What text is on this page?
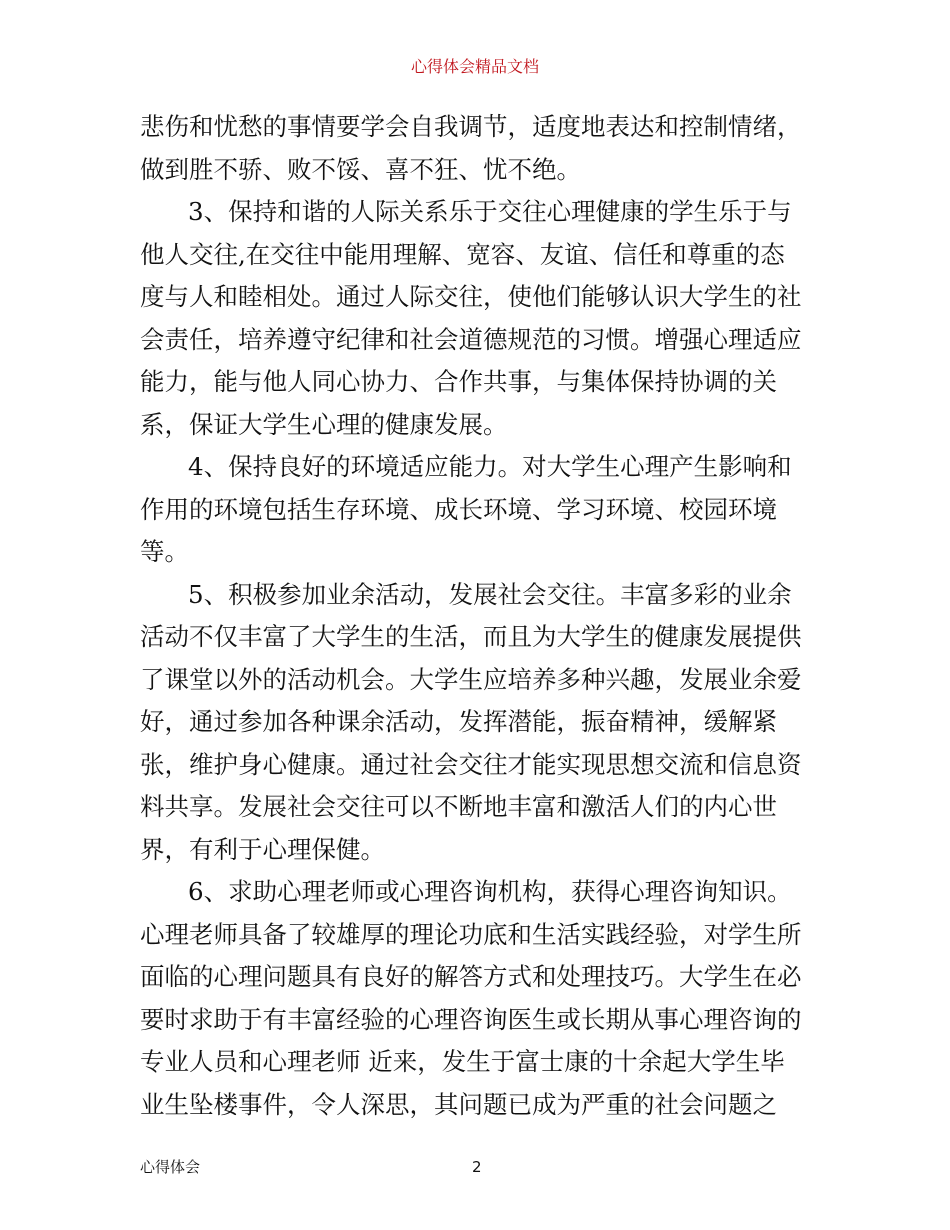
心得体会精品文档
悲伤和忧愁的事情要学会自我调节，适度地表达和控制情绪，
做到胜不骄、败不馁、喜不狂、忧不绝。
3、保持和谐的人际关系乐于交往心理健康的学生乐于与
他人交往,在交往中能用理解、宽容、友谊、信任和尊重的态
度与人和睦相处。通过人际交往，使他们能够认识大学生的社
会责任，培养遵守纪律和社会道德规范的习惯。增强心理适应
能力，能与他人同心协力、合作共事，与集体保持协调的关
系，保证大学生心理的健康发展。
4、保持良好的环境适应能力。对大学生心理产生影响和
作用的环境包括生存环境、成长环境、学习环境、校园环境
等。
5、积极参加业余活动，发展社会交往。丰富多彩的业余
活动不仅丰富了大学生的生活，而且为大学生的健康发展提供
了课堂以外的活动机会。大学生应培养多种兴趣，发展业余爱
好，通过参加各种课余活动，发挥潜能，振奋精神，缓解紧
张，维护身心健康。通过社会交往才能实现思想交流和信息资
料共享。发展社会交往可以不断地丰富和激活人们的内心世
界，有利于心理保健。
6、求助心理老师或心理咨询机构，获得心理咨询知识。
心理老师具备了较雄厚的理论功底和生活实践经验，对学生所
面临的心理问题具有良好的解答方式和处理技巧。大学生在必
要时求助于有丰富经验的心理咨询医生或长期从事心理咨询的
专业人员和心理老师 近来，发生于富士康的十余起大学生毕
业生坠楼事件，令人深思，其问题已成为严重的社会问题之
心得体会	2
